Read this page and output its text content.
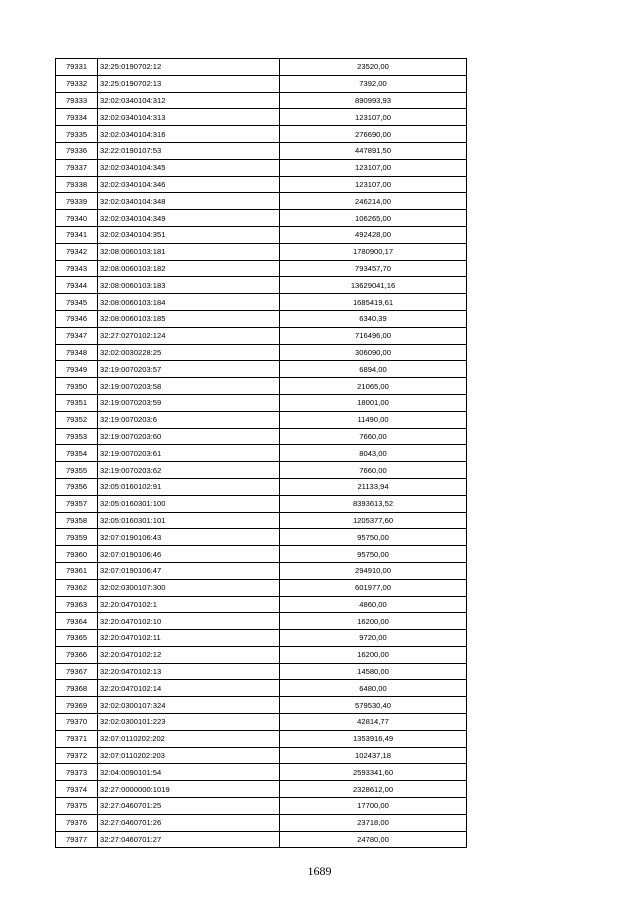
79331	32:25:0190702:12	23520,00
79332	32:25:0190702:13	7392,00
79333	32:02:0340104:312	890993,93
79334	32:02:0340104:313	123107,00
79335	32:02:0340104:316	276690,00
79336	32:22:0190107:53	447891,50
79337	32:02:0340104:345	123107,00
79338	32:02:0340104:346	123107,00
79339	32:02:0340104:348	246214,00
79340	32:02:0340104:349	106265,00
79341	32:02:0340104:351	492428,00
79342	32:08:0060103:181	1780900,17
79343	32:08:0060103:182	793457,70
79344	32:08:0060103:183	13629041,16
79345	32:08:0060103:184	1685419,61
79346	32:08:0060103:185	6340,39
79347	32:27:0270102:124	716496,00
79348	32:02:0030228:25	306090,00
79349	32:19:0070203:57	6894,00
79350	32:19:0070203:58	21065,00
79351	32:19:0070203:59	18001,00
79352	32:19:0070203:6	11490,00
79353	32:19:0070203:60	7660,00
79354	32:19:0070203:61	8043,00
79355	32:19:0070203:62	7660,00
79356	32:05:0160102:91	21133,94
79357	32:05:0160301:100	8393613,52
79358	32:05:0160301:101	1205377,60
79359	32:07:0190106:43	95750,00
79360	32:07:0190106:46	95750,00
79361	32:07:0190106:47	294910,00
79362	32:02:0300107:300	601977,00
79363	32:20:0470102:1	4860,00
79364	32:20:0470102:10	16200,00
79365	32:20:0470102:11	9720,00
79366	32:20:0470102:12	16200,00
79367	32:20:0470102:13	14580,00
79368	32:20:0470102:14	6480,00
79369	32:02:0300107:324	579530,40
79370	32:02:0300101:223	42814,77
79371	32:07:0110202:202	1353916,49
79372	32:07:0110202:203	102437,18
79373	32:04:0090101:54	2593341,60
79374	32:27:0000000:1019	2328612,00
79375	32:27:0460701:25	17700,00
79376	32:27:0460701:26	23718,00
79377	32:27:0460701:27	24780,00
1689
